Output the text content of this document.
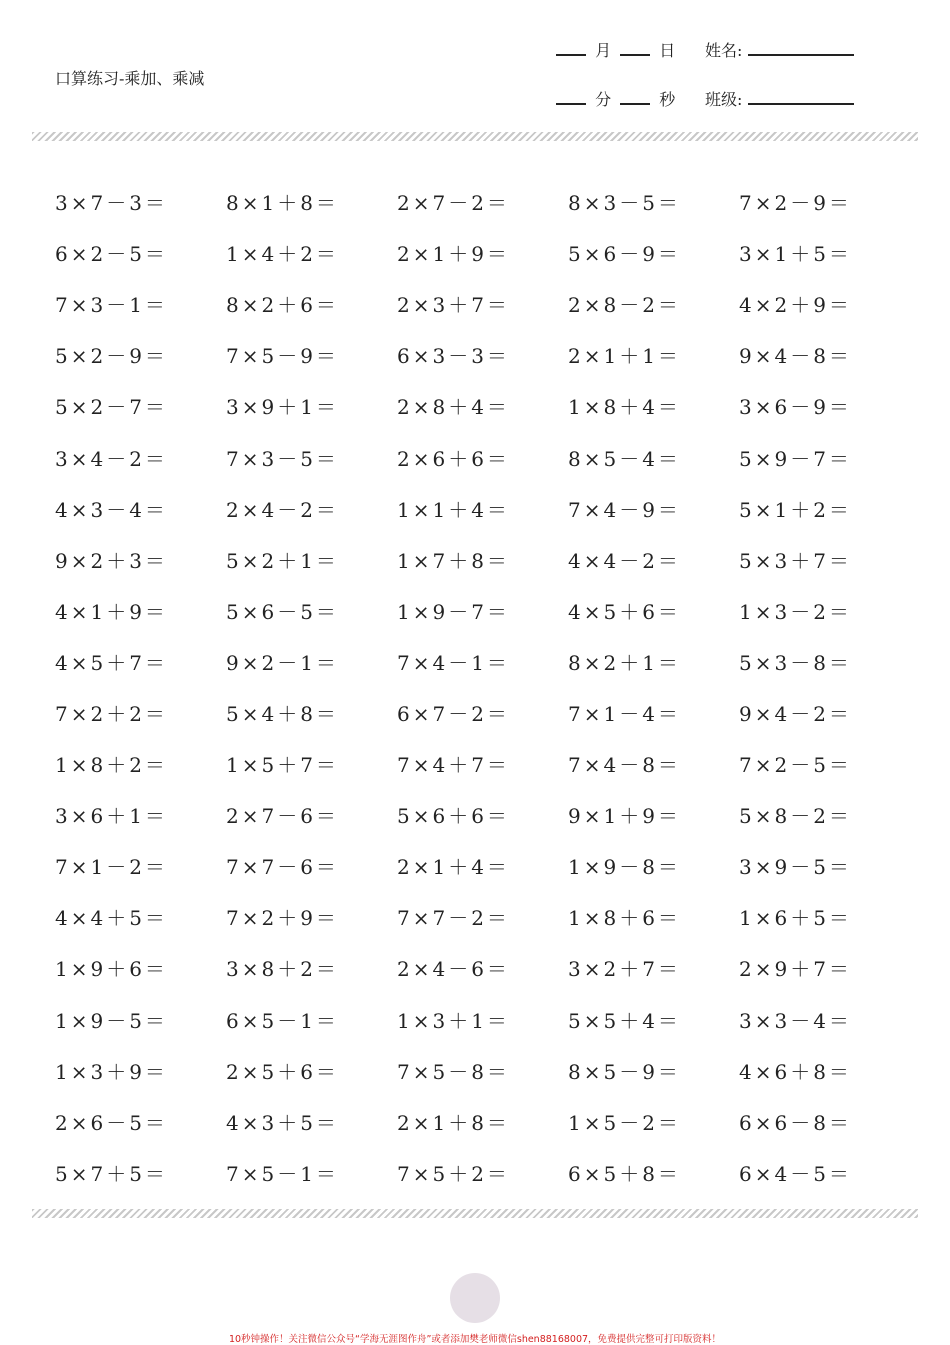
口算练习-乘加、乘减
月	日
分	秒
姓名:
班级:
3×7－3＝	8×1＋8＝	2×7－2＝	8×3－5＝	7×2－9＝
6×2－5＝	1×4＋2＝	2×1＋9＝	5×6－9＝	3×1＋5＝
7×3－1＝	8×2＋6＝	2×3＋7＝	2×8－2＝	4×2＋9＝
5×2－9＝	7×5－9＝	6×3－3＝	2×1＋1＝	9×4－8＝
5×2－7＝	3×9＋1＝	2×8＋4＝	1×8＋4＝	3×6－9＝
3×4－2＝	7×3－5＝	2×6＋6＝	8×5－4＝	5×9－7＝
4×3－4＝	2×4－2＝	1×1＋4＝	7×4－9＝	5×1＋2＝
9×2＋3＝	5×2＋1＝	1×7＋8＝	4×4－2＝	5×3＋7＝
4×1＋9＝	5×6－5＝	1×9－7＝	4×5＋6＝	1×3－2＝
4×5＋7＝	9×2－1＝	7×4－1＝	8×2＋1＝	5×3－8＝
7×2＋2＝	5×4＋8＝	6×7－2＝	7×1－4＝	9×4－2＝
1×8＋2＝	1×5＋7＝	7×4＋7＝	7×4－8＝	7×2－5＝
3×6＋1＝	2×7－6＝	5×6＋6＝	9×1＋9＝	5×8－2＝
7×1－2＝	7×7－6＝	2×1＋4＝	1×9－8＝	3×9－5＝
4×4＋5＝	7×2＋9＝	7×7－2＝	1×8＋6＝	1×6＋5＝
1×9＋6＝	3×8＋2＝	2×4－6＝	3×2＋7＝	2×9＋7＝
1×9－5＝	6×5－1＝	1×3＋1＝	5×5＋4＝	3×3－4＝
1×3＋9＝	2×5＋6＝	7×5－8＝	8×5－9＝	4×6＋8＝
2×6－5＝	4×3＋5＝	2×1＋8＝	1×5－2＝	6×6－8＝
5×7＋5＝	7×5－1＝	7×5＋2＝	6×5＋8＝	6×4－5＝
10秒钟操作！关注微信公众号“学海无涯图作舟”或者添加樊老师微信shen88168007，免费提供完整可打印版资料！
